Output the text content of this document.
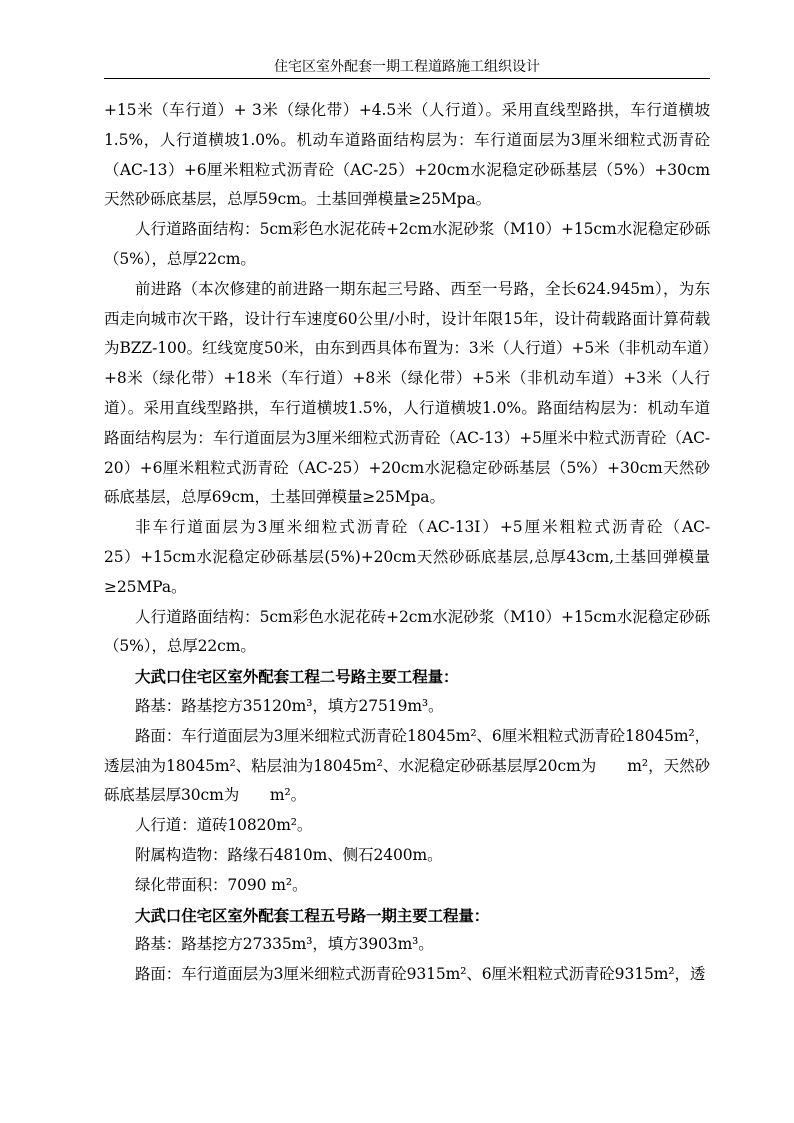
住宅区室外配套一期工程道路施工组织设计

+15米（车行道）+ 3米（绿化带）+4.5米（人行道）。采用直线型路拱，车行道横坡1.5%，人行道横坡1.0%。机动车道路面结构层为：车行道面层为3厘米细粒式沥青砼（AC-13）+6厘米粗粒式沥青砼（AC-25）+20cm水泥稳定砂砾基层（5%）+30cm天然砂砾底基层，总厚59cm。土基回弹模量≥25Mpa。

人行道路面结构：5cm彩色水泥花砖+2cm水泥砂浆（M10）+15cm水泥稳定砂砾（5%），总厚22cm。

前进路（本次修建的前进路一期东起三号路、西至一号路，全长624.945m），为东西走向城市次干路，设计行车速度60公里/小时，设计年限15年，设计荷载路面计算荷载为BZZ-100。红线宽度50米，由东到西具体布置为：3米（人行道）+5米（非机动车道）+8米（绿化带）+18米（车行道）+8米（绿化带）+5米（非机动车道）+3米（人行道）。采用直线型路拱，车行道横坡1.5%，人行道横坡1.0%。路面结构层为：机动车道路面结构层为：车行道面层为3厘米细粒式沥青砼（AC-13）+5厘米中粒式沥青砼（AC-20）+6厘米粗粒式沥青砼（AC-25）+20cm水泥稳定砂砾基层（5%）+30cm天然砂砾底基层，总厚69cm，土基回弹模量≥25Mpa。

非车行道面层为3厘米细粒式沥青砼（AC-13I）+5厘米粗粒式沥青砼（AC-25）+15cm水泥稳定砂砾基层(5%)+20cm天然砂砾底基层,总厚43cm,土基回弹模量≥25MPa。

人行道路面结构：5cm彩色水泥花砖+2cm水泥砂浆（M10）+15cm水泥稳定砂砾（5%），总厚22cm。

大武口住宅区室外配套工程二号路主要工程量：

路基：路基挖方35120m³，填方27519m³。

路面：车行道面层为3厘米细粒式沥青砼18045m²、6厘米粗粒式沥青砼18045m²，透层油为18045m²、粘层油为18045m²、水泥稳定砂砾基层厚20cm为　　m²，天然砂砾底基层厚30cm为　　m²。

人行道：道砖10820m²。

附属构造物：路缘石4810m、侧石2400m。

绿化带面积：7090 m²。

大武口住宅区室外配套工程五号路一期主要工程量：

路基：路基挖方27335m³，填方3903m³。

路面：车行道面层为3厘米细粒式沥青砼9315m²、6厘米粗粒式沥青砼9315m²，透
